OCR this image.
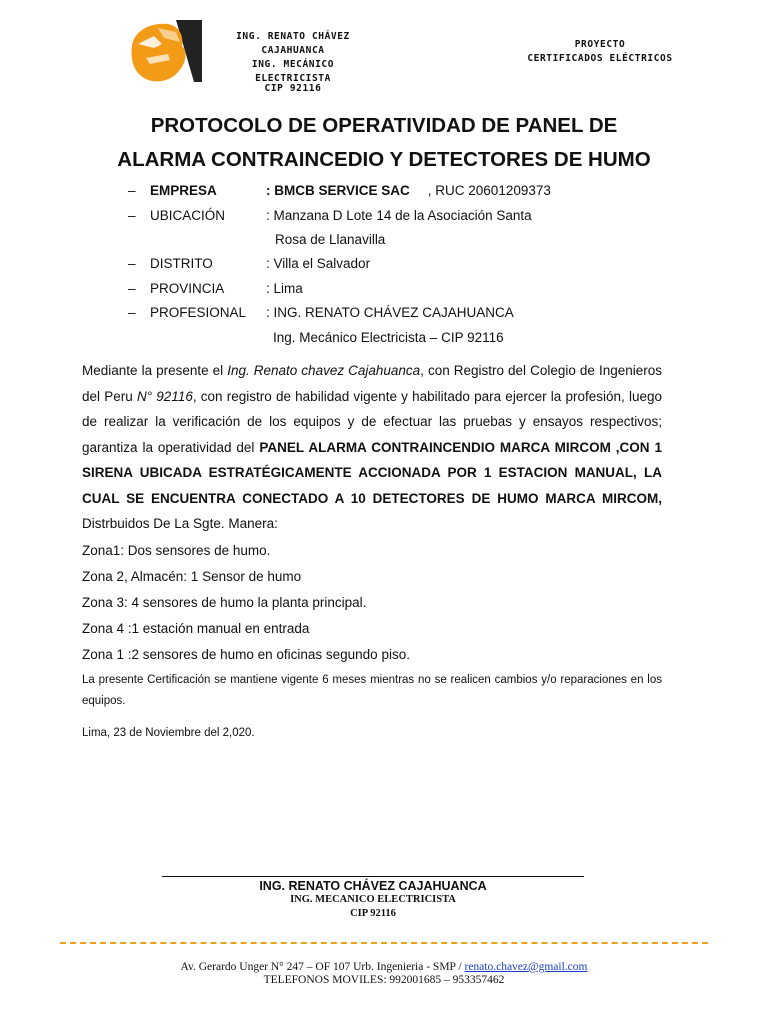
ING. RENATO CHÁVEZ
CAJAHUANCA
ING. MECÁNICO
ELECTRICISTA
CIP 92116
PROYECTO
CERTIFICADOS ELÉCTRICOS
PROTOCOLO DE OPERATIVIDAD DE PANEL DE
ALARMA CONTRAINCEDIO Y DETECTORES DE HUMO
– EMPRESA	: BMCB SERVICE SAC , RUC 20601209373
– UBICACIÓN	: Manzana D Lote 14 de la Asociación Santa
Rosa de Llanavilla
– DISTRITO	: Villa el Salvador
– PROVINCIA	: Lima
– PROFESIONAL : ING. RENATO CHÁVEZ CAJAHUANCA
Ing. Mecánico Electricista – CIP 92116
Mediante la presente el Ing. Renato chavez Cajahuanca, con Registro del Colegio de Ingenieros del Peru N° 92116, con registro de habilidad vigente y habilitado para ejercer la profesión, luego de realizar la verificación de los equipos y de efectuar las pruebas y ensayos respectivos; garantiza la operatividad del PANEL ALARMA CONTRAINCENDIO MARCA MIRCOM ,CON 1 SIRENA UBICADA ESTRATÉGICAMENTE ACCIONADA POR 1 ESTACION MANUAL, LA CUAL SE ENCUENTRA CONECTADO A 10 DETECTORES DE HUMO MARCA MIRCOM, Distrbuidos De La Sgte. Manera:
Zona1: Dos sensores de humo.
Zona 2, Almacén: 1 Sensor de humo
Zona 3: 4 sensores de humo la planta principal.
Zona 4 :1 estación manual en entrada
Zona 1 :2 sensores de humo en oficinas segundo piso.
La presente Certificación se mantiene vigente 6 meses mientras no se realicen cambios y/o reparaciones en los equipos.
Lima, 23 de Noviembre del 2,020.
ING. RENATO CHÁVEZ CAJAHUANCA
ING. MECANICO ELECTRICISTA
CIP 92116
Av. Gerardo Unger N° 247 – OF 107 Urb. Ingenieria - SMP / renato.chavez@gmail.com
TELEFONOS MOVILES: 992001685 – 953357462
